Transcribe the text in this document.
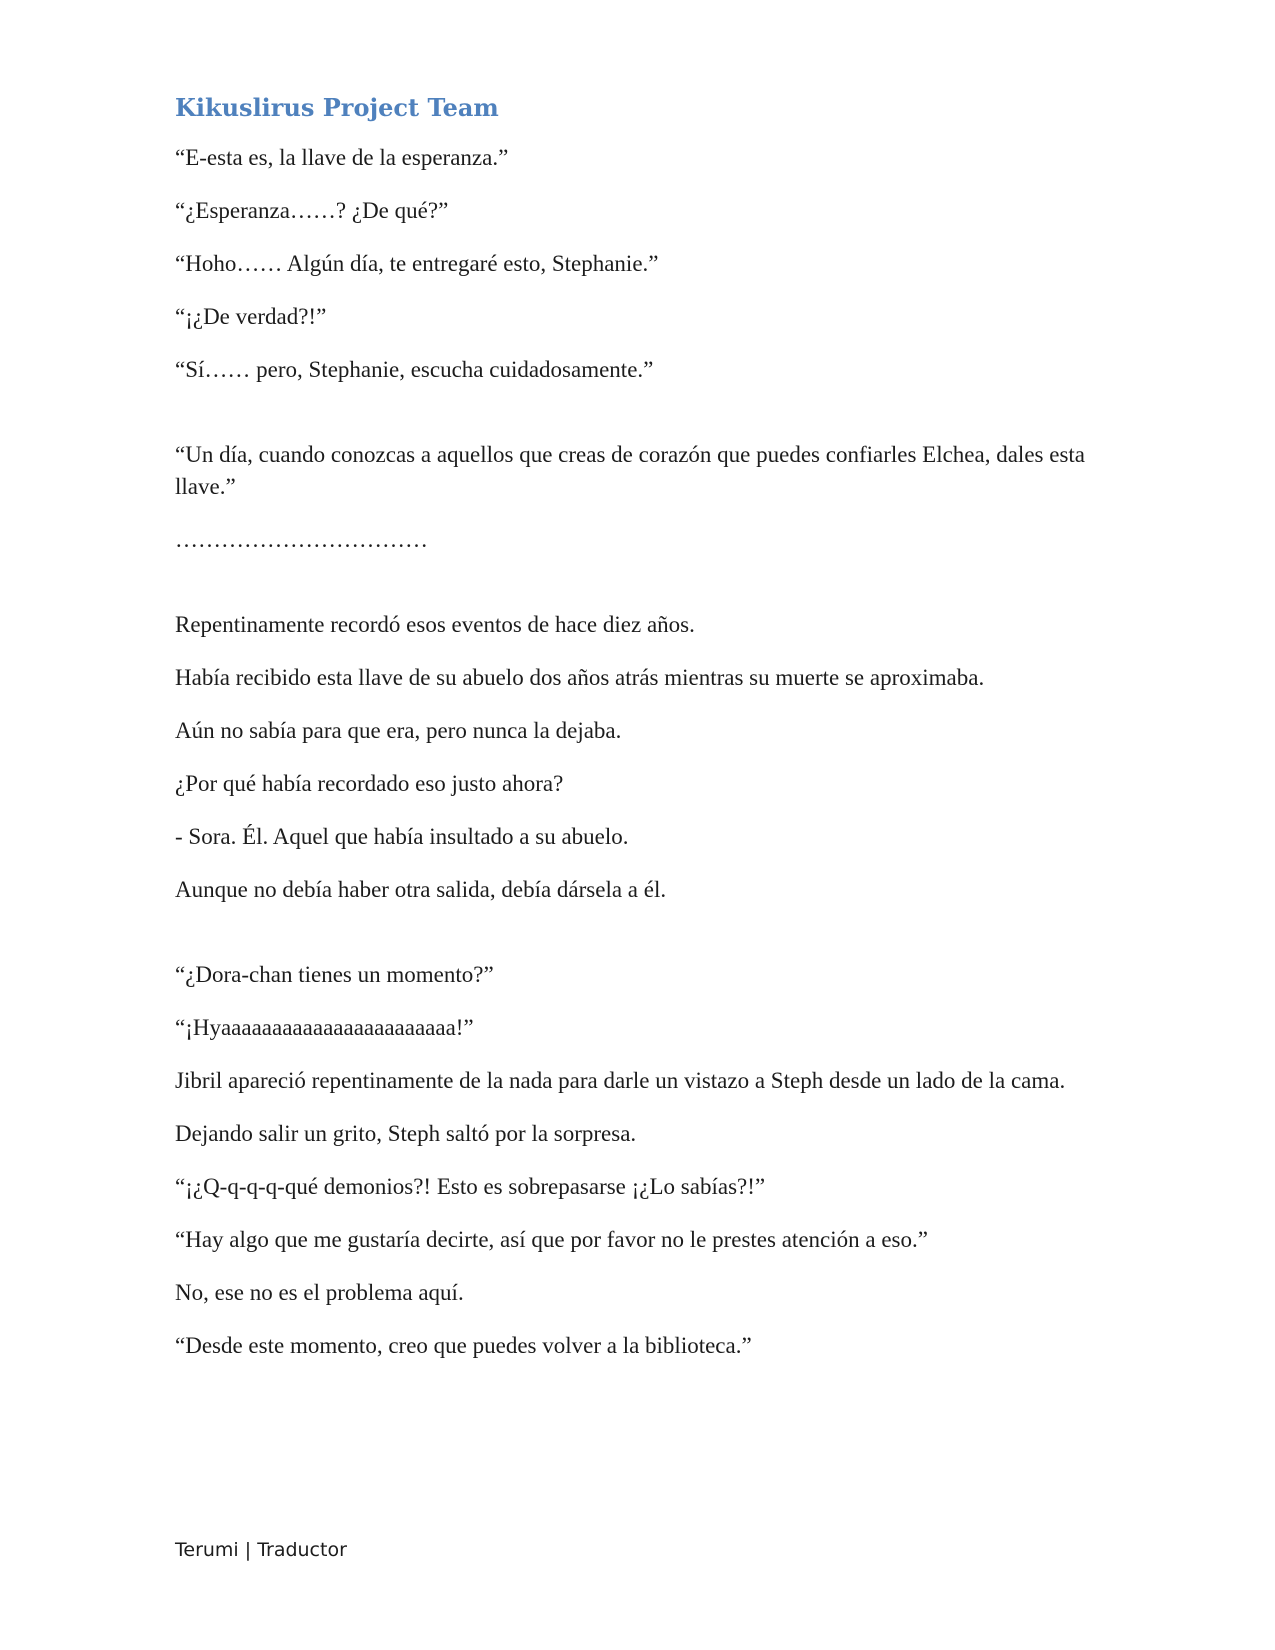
Kikuslirus Project Team

“E-esta es, la llave de la esperanza.”

“¿Esperanza……? ¿De qué?”

“Hoho…… Algún día, te entregaré esto, Stephanie.”

“¡¿De verdad?!”

“Sí…… pero, Stephanie, escucha cuidadosamente.”

“Un día, cuando conozcas a aquellos que creas de corazón que puedes confiarles Elchea, dales esta llave.”

……………………………

Repentinamente recordó esos eventos de hace diez años.

Había recibido esta llave de su abuelo dos años atrás mientras su muerte se aproximaba.

Aún no sabía para que era, pero nunca la dejaba.

¿Por qué había recordado eso justo ahora?

- Sora. Él. Aquel que había insultado a su abuelo.

Aunque no debía haber otra salida, debía dársela a él.

“¿Dora-chan tienes un momento?”

“¡Hyaaaaaaaaaaaaaaaaaaaaaaa!”

Jibril apareció repentinamente de la nada para darle un vistazo a Steph desde un lado de la cama.

Dejando salir un grito, Steph saltó por la sorpresa.

“¡¿Q-q-q-q-qué demonios?! Esto es sobrepasarse ¡¿Lo sabías?!”

“Hay algo que me gustaría decirte, así que por favor no le prestes atención a eso.”

No, ese no es el problema aquí.

“Desde este momento, creo que puedes volver a la biblioteca.”

Terumi | Traductor
